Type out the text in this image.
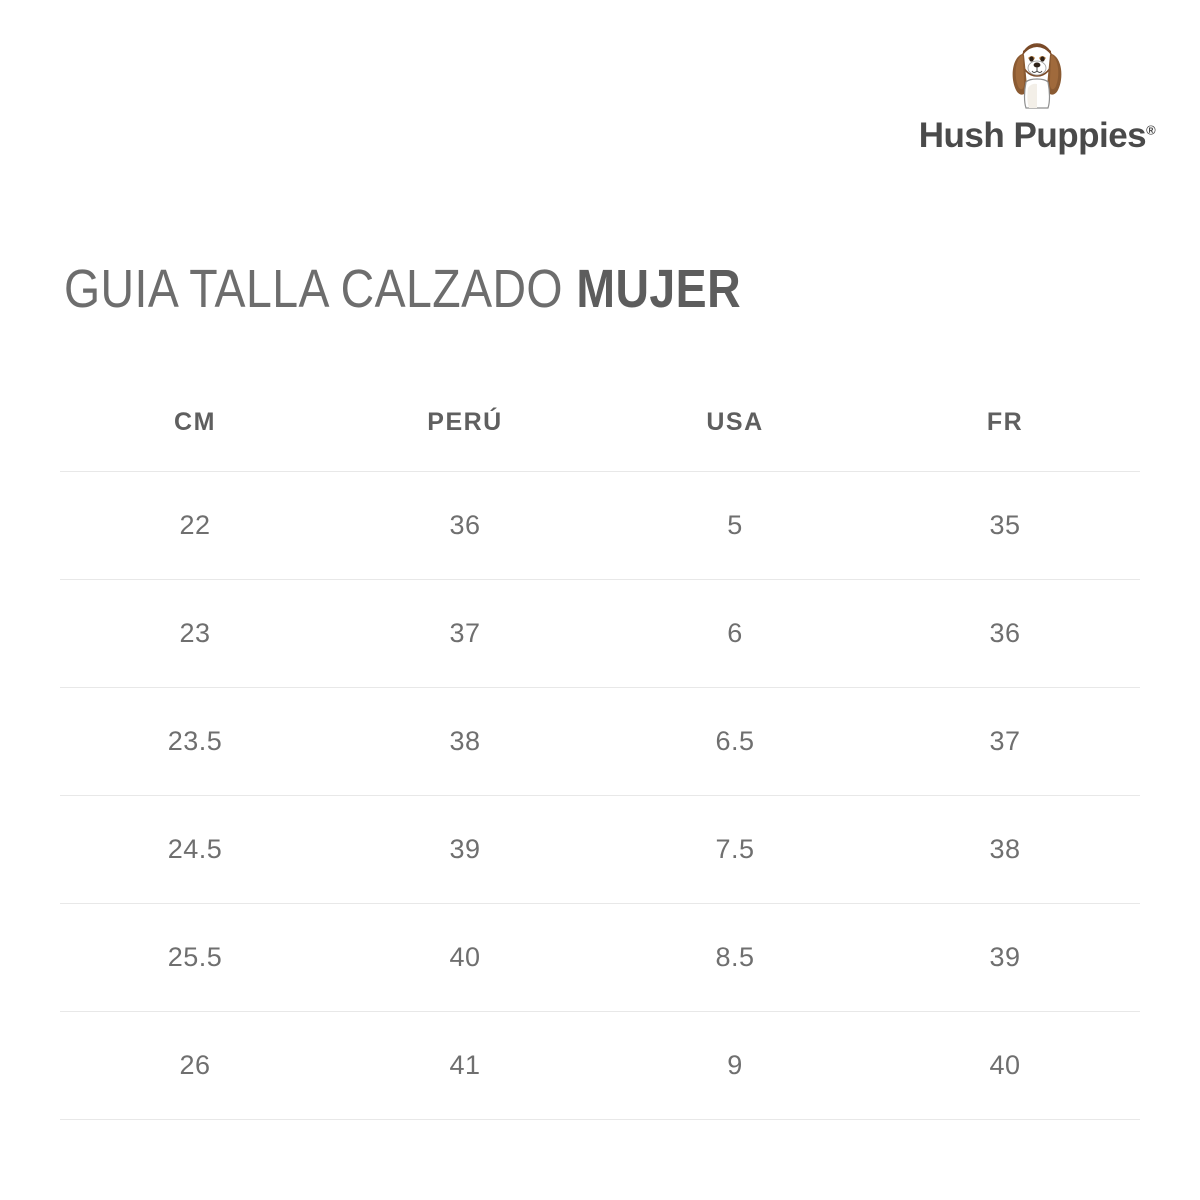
Hush Puppies®
GUIA TALLA CALZADO MUJER
CM	PERÚ	USA	FR
22	36	5	35
23	37	6	36
23.5	38	6.5	37
24.5	39	7.5	38
25.5	40	8.5	39
26	41	9	40
